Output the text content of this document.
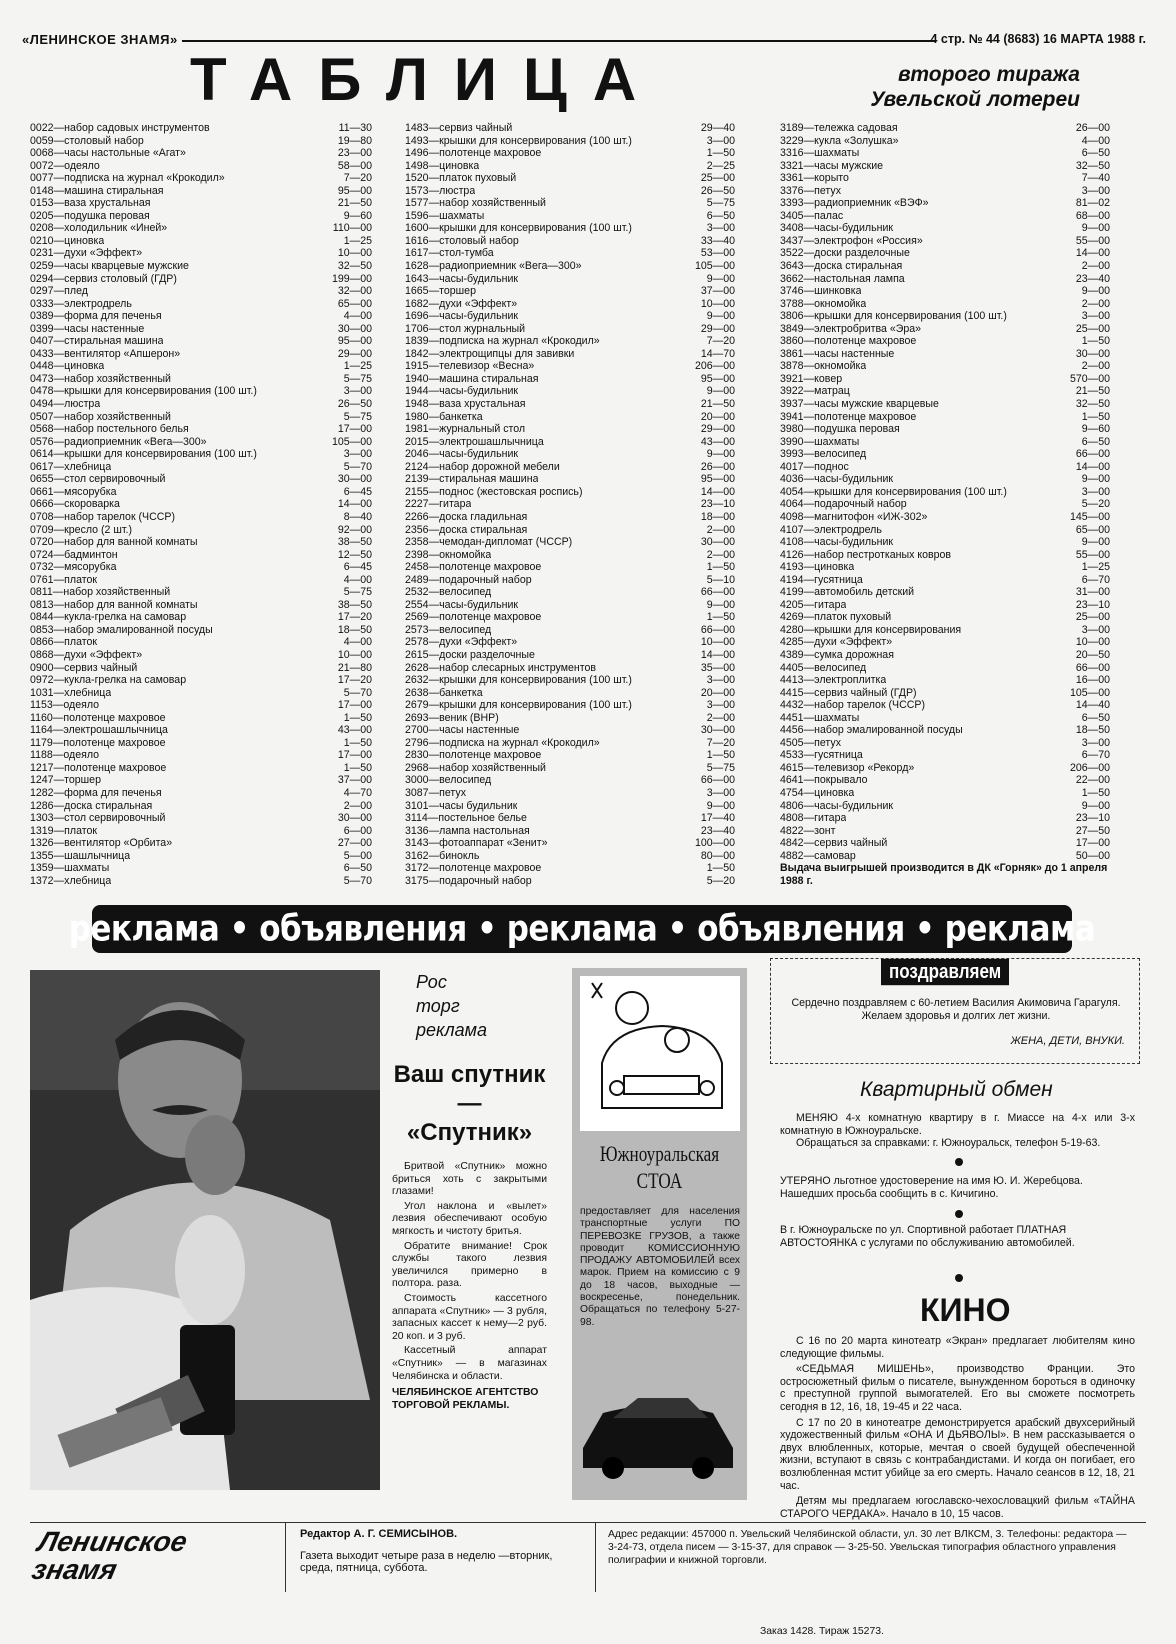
«ЛЕНИНСКОЕ ЗНАМЯ»	4 стр. № 44 (8683) 16 МАРТА 1988 г.
ТАБЛИЦА	второго тиража
Увельской лотереи
0022—набор садовых инструментов	11—30
0059—столовый набор	19—80
0068—часы настольные «Агат»	23—00
0072—одеяло	58—00
0077—подписка на журнал «Крокодил»	7—20
0148—машина стиральная	95—00
0153—ваза хрустальная	21—50
0205—подушка перовая	9—60
0208—холодильник «Иней»	110—00
0210—циновка	1—25
0231—духи «Эффект»	10—00
0259—часы кварцевые мужские	32—50
0294—сервиз столовый (ГДР)	199—00
0297—плед	32—00
0333—электродрель	65—00
0389—форма для печенья	4—00
0399—часы настенные	30—00
0407—стиральная машина	95—00
0433—вентилятор «Апшерон»	29—00
0448—циновка	1—25
0473—набор хозяйственный	5—75
0478—крышки для консервирования (100 шт.)	3—00
0494—люстра	26—50
0507—набор хозяйственный	5—75
0568—набор постельного белья	17—00
0576—радиоприемник «Вега—300»	105—00
0614—крышки для консервирования (100 шт.)	3—00
0617—хлебница	5—70
0655—стол сервировочный	30—00
0661—мясорубка	6—45
0666—скороварка	14—00
0708—набор тарелок (ЧССР)	8—40
0709—кресло (2 шт.)	92—00
0720—набор для ванной комнаты	38—50
0724—бадминтон	12—50
0732—мясорубка	6—45
0761—платок	4—00
0811—набор хозяйственный	5—75
0813—набор для ванной комнаты	38—50
0844—кукла-грелка на самовар	17—20
0853—набор эмалированной посуды	18—50
0866—платок	4—00
0868—духи «Эффект»	10—00
0900—сервиз чайный	21—80
0972—кукла-грелка на самовар	17—20
1031—хлебница	5—70
1153—одеяло	17—00
1160—полотенце махровое	1—50
1164—электрошашлычница	43—00
1179—полотенце махровое	1—50
1188—одеяло	17—00
1217—полотенце махровое	1—50
1247—торшер	37—00
1282—форма для печенья	4—70
1286—доска стиральная	2—00
1303—стол сервировочный	30—00
1319—платок	6—00
1326—вентилятор «Орбита»	27—00
1355—шашлычница	5—00
1359—шахматы	6—50
1372—хлебница	5—70
1483—сервиз чайный	29—40
1493—крышки для консервирования (100 шт.)	3—00
1496—полотенце махровое	1—50
1498—циновка	2—25
1520—платок пуховый	25—00
1573—люстра	26—50
1577—набор хозяйственный	5—75
1596—шахматы	6—50
1600—крышки для консервирования (100 шт.)	3—00
1616—столовый набор	33—40
1617—стол-тумба	53—00
1628—радиоприемник «Вега—300»	105—00
1643—часы-будильник	9—00
1665—торшер	37—00
1682—духи «Эффект»	10—00
1696—часы-будильник	9—00
1706—стол журнальный	29—00
1839—подписка на журнал «Крокодил»	7—20
1842—электрощипцы для завивки	14—70
1915—телевизор «Весна»	206—00
1940—машина стиральная	95—00
1944—часы-будильник	9—00
1948—ваза хрустальная	21—50
1980—банкетка	20—00
1981—журнальный стол	29—00
2015—электрошашлычница	43—00
2046—часы-будильник	9—00
2124—набор дорожной мебели	26—00
2139—стиральная машина	95—00
2155—поднос (жестовская роспись)	14—00
2227—гитара	23—10
2266—доска гладильная	18—00
2356—доска стиральная	2—00
2358—чемодан-дипломат (ЧССР)	30—00
2398—окномойка	2—00
2458—полотенце махровое	1—50
2489—подарочный набор	5—10
2532—велосипед	66—00
2554—часы-будильник	9—00
2569—полотенце махровое	1—50
2573—велосипед	66—00
2578—духи «Эффект»	10—00
2615—доски разделочные	14—00
2628—набор слесарных инструментов	35—00
2632—крышки для консервирования (100 шт.)	3—00
2638—банкетка	20—00
2679—крышки для консервирования (100 шт.)	3—00
2693—веник (ВНР)	2—00
2700—часы настенные	30—00
2796—подписка на журнал «Крокодил»	7—20
2830—полотенце махровое	1—50
2968—набор хозяйственный	5—75
3000—велосипед	66—00
3087—петух	3—00
3101—часы будильник	9—00
3114—постельное белье	17—40
3136—лампа настольная	23—40
3143—фотоаппарат «Зенит»	100—00
3162—бинокль	80—00
3172—полотенце махровое	1—50
3175—подарочный набор	5—20
3189—тележка садовая	26—00
3229—кукла «Золушка»	4—00
3316—шахматы	6—50
3321—часы мужские	32—50
3361—корыто	7—40
3376—петух	3—00
3393—радиоприемник «ВЭФ»	81—02
3405—палас	68—00
3408—часы-будильник	9—00
3437—электрофон «Россия»	55—00
3522—доски разделочные	14—00
3643—доска стиральная	2—00
3662—настольная лампа	23—40
3746—шинковка	9—00
3788—окномойка	2—00
3806—крышки для консервирования (100 шт.)	3—00
3849—электробритва «Эра»	25—00
3860—полотенце махровое	1—50
3861—часы настенные	30—00
3878—окномойка	2—00
3921—ковер	570—00
3922—матрац	21—50
3937—часы мужские кварцевые	32—50
3941—полотенце махровое	1—50
3980—подушка перовая	9—60
3990—шахматы	6—50
3993—велосипед	66—00
4017—поднос	14—00
4036—часы-будильник	9—00
4054—крышки для консервирования (100 шт.)	3—00
4064—подарочный набор	5—20
4098—магнитофон «ИЖ-302»	145—00
4107—электродрель	65—00
4108—часы-будильник	9—00
4126—набор пестротканых ковров	55—00
4193—циновка	1—25
4194—гусятница	6—70
4199—автомобиль детский	31—00
4205—гитара	23—10
4269—платок пуховый	25—00
4280—крышки для консервирования	3—00
4285—духи «Эффект»	10—00
4389—сумка дорожная	20—50
4405—велосипед	66—00
4413—электроплитка	16—00
4415—сервиз чайный (ГДР)	105—00
4432—набор тарелок (ЧССР)	14—40
4451—шахматы	6—50
4456—набор эмалированной посуды	18—50
4505—петух	3—00
4533—гусятница	6—70
4615—телевизор «Рекорд»	206—00
4641—покрывало	22—00
4754—циновка	1—50
4806—часы-будильник	9—00
4808—гитара	23—10
4822—зонт	27—50
4842—сервиз чайный	17—00
4882—самовар	50—00
Выдача выигрышей производится в ДК «Горняк» до 1 апреля 1988 г.
реклама • объявления • реклама • объявления • реклама
Рос
торг
реклама
Ваш спутник— «Спутник»

Бритвой «Спутник» можно бриться хоть с закрытыми глазами!

Угол наклона и «вылет» лезвия обеспечивают особую мягкость и чистоту бритья.

Обратите внимание! Срок службы такого лезвия увеличился примерно в полтора. раза.

Стоимость кассетного аппарата «Спутник» — 3 рубля, запасных кассет к нему—2 руб. 20 коп. и 3 руб.

Кассетный аппарат «Спутник» — в магазинах Челябинска и области.

ЧЕЛЯБИНСКОЕ АГЕНТСТВО ТОРГОВОЙ РЕКЛАМЫ.
Южноуральская СТОА
предоставляет для населения транспортные услуги ПО ПЕРЕВОЗКЕ ГРУЗОВ, а также проводит КОМИССИОННУЮ ПРОДАЖУ АВТОМОБИЛЕЙ всех марок. Прием на комиссию с 9 до 18 часов, выходные — воскресенье, понедельник. Обращаться по телефону 5-27-98.
поздравляем
Сердечно поздравляем с 60-летием Василия Акимовича Гарагуля. Желаем здоровья и долгих лет жизни.
ЖЕНА, ДЕТИ, ВНУКИ.
Квартирный обмен

МЕНЯЮ 4-х комнатную квартиру в г. Миассе на 4-х или 3-х комнатную в Южноуральске.

Обращаться за справками: г. Южноуральск, телефон 5-19-63.

УТЕРЯНО льготное удостоверение на имя Ю. И. Жеребцова. Нашедших просьба сообщить в с. Кичигино.
В г. Южноуральске по ул. Спортивной работает ПЛАТНАЯ АВТОСТОЯНКА с услугами по обслуживанию автомобилей.
КИНО

С 16 по 20 марта кинотеатр «Экран» предлагает любителям кино следующие фильмы.

«СЕДЬМАЯ МИШЕНЬ», производство Франции. Это остросюжетный фильм о писателе, вынужденном бороться в одиночку с преступной группой вымогателей. Его вы сможете посмотреть сегодня в 12, 16, 18, 19-45 и 22 часа.

С 17 по 20 в кинотеатре демонстрируется арабский двухсерийный художественный фильм «ОНА И ДЬЯВОЛЫ». В нем рассказывается о двух влюбленных, которые, мечтая о своей будущей обеспеченной жизни, вступают в связь с контрабандистами. И когда он погибает, его возлюбленная мстит убийце за его смерть. Начало сеансов в 12, 18, 21 час.

Детям мы предлагаем югославско-чехословацкий фильм «ТАЙНА СТАРОГО ЧЕРДАКА». Начало в 10, 15 часов.

Ленинское
знамя
Редактор А. Г. СЕМИСЫНОВ.
Газета выходит четыре раза в неделю —вторник, среда, пятница, суббота.
Адрес редакции: 457000 п. Увельский Челябинской области, ул. 30 лет ВЛКСМ, 3. Телефоны: редактора — 3-24-73, отдела писем — 3-15-37, для справок — 3-25-50. Увельская типография областного управления полиграфии и книжной торговли.
Заказ 1428. Тираж 15273.
